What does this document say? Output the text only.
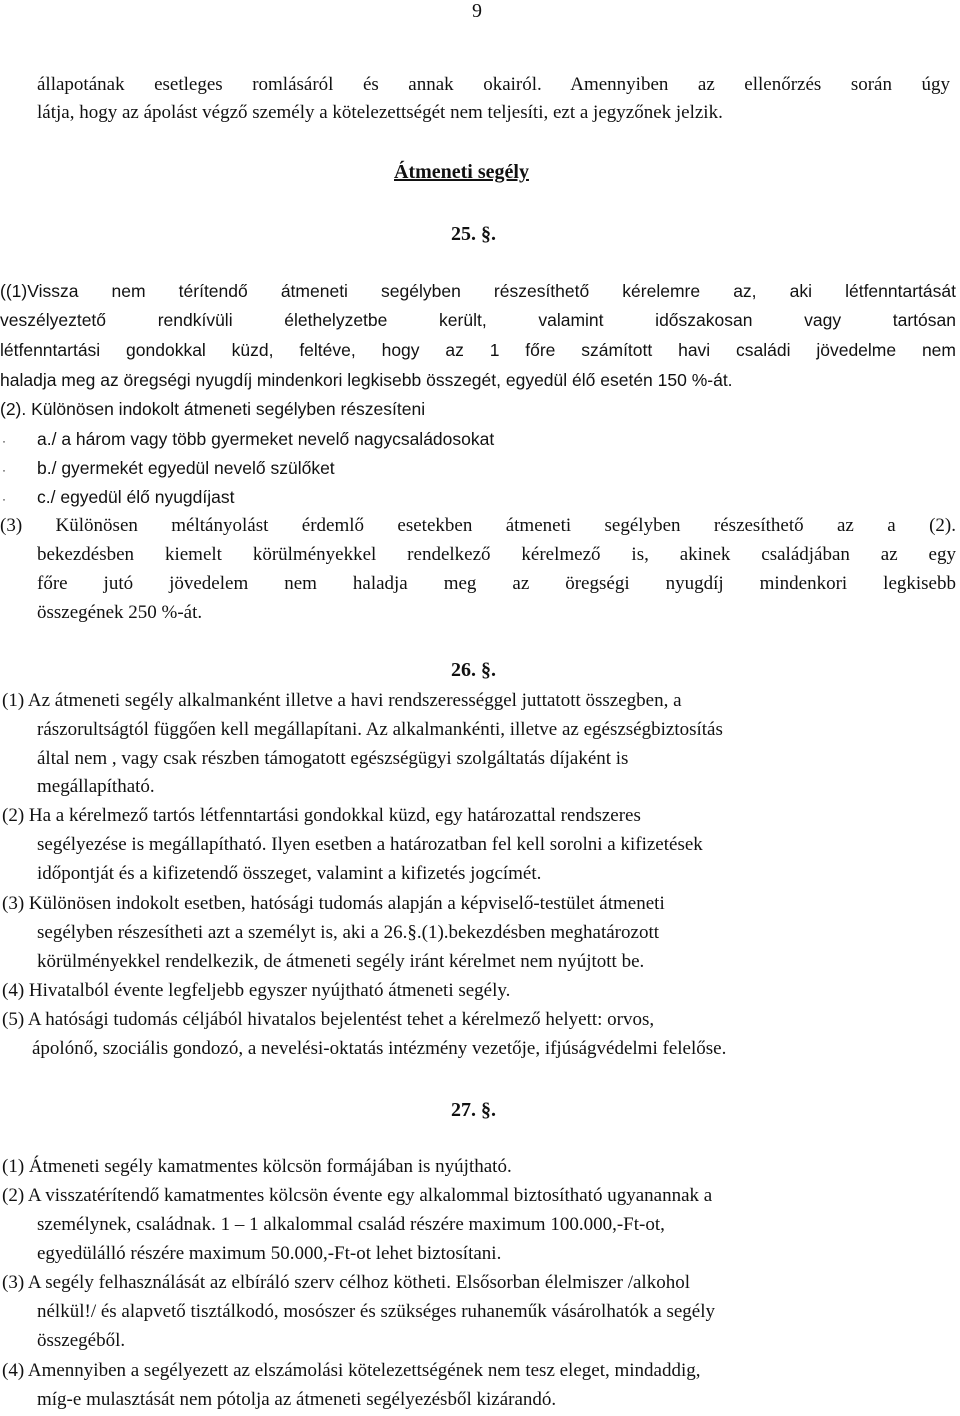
9
állapotának esetleges romlásáról és annak okairól. Amennyiben az ellenőrzés során úgy
látja, hogy az ápolást végző személy a kötelezettségét nem teljesíti, ezt a jegyzőnek jelzik.
Átmeneti segély
25. §.
((1)Vissza nem térítendő átmeneti segélyben részesíthető kérelemre az, aki létfenntartását
veszélyeztető rendkívüli élethelyzetbe került, valamint időszakosan vagy tartósan
létfenntartási gondokkal küzd, feltéve, hogy az 1 főre számított havi családi jövedelme nem
haladja meg az öregségi nyugdíj mindenkori legkisebb összegét, egyedül élő esetén 150 %-át.
(2). Különösen indokolt átmeneti segélyben részesíteni
· a./ a három vagy több gyermeket nevelő nagycsaládosokat
· b./ gyermekét egyedül nevelő szülőket
· c./ egyedül élő nyugdíjast
(3) Különösen méltányolást érdemlő esetekben átmeneti segélyben részesíthető az a (2).
bekezdésben kiemelt körülményekkel rendelkező kérelmező is, akinek családjában az egy
főre jutó jövedelem nem haladja meg az öregségi nyugdíj mindenkori legkisebb
összegének 250 %-át.
26. §.
(1) Az átmeneti segély alkalmanként illetve a havi rendszerességgel juttatott összegben, a
rászorultságtól függően kell megállapítani. Az alkalmankénti, illetve az egészségbiztosítás
által nem , vagy csak részben támogatott egészségügyi szolgáltatás díjaként is
megállapítható.
(2) Ha a kérelmező tartós létfenntartási gondokkal küzd, egy határozattal rendszeres
segélyezése is megállapítható. Ilyen esetben a határozatban fel kell sorolni a kifizetések
időpontját és a kifizetendő összeget, valamint a kifizetés jogcímét.
(3) Különösen indokolt esetben, hatósági tudomás alapján a képviselő-testület átmeneti
segélyben részesítheti azt a személyt is, aki a 26.§.(1).bekezdésben meghatározott
körülményekkel rendelkezik, de átmeneti segély iránt kérelmet nem nyújtott be.
(4) Hivatalból évente legfeljebb egyszer nyújtható átmeneti segély.
(5) A hatósági tudomás céljából hivatalos bejelentést tehet a kérelmező helyett: orvos,
ápolónő, szociális gondozó, a nevelési-oktatás intézmény vezetője, ifjúságvédelmi felelőse.
27. §.
(1) Átmeneti segély kamatmentes kölcsön formájában is nyújtható.
(2) A visszatérítendő kamatmentes kölcsön évente egy alkalommal biztosítható ugyanannak a
személynek, családnak. 1 – 1 alkalommal család részére maximum 100.000,-Ft-ot,
egyedülálló részére maximum 50.000,-Ft-ot lehet biztosítani.
(3) A segély felhasználását az elbíráló szerv célhoz kötheti. Elsősorban élelmiszer /alkohol
nélkül!/ és alapvető tisztálkodó, mosószer és szükséges ruhaneműk vásárolhatók a segély
összegéből.
(4) Amennyiben a segélyezett az elszámolási kötelezettségének nem tesz eleget, mindaddig,
míg-e mulasztását nem pótolja az átmeneti segélyezésből kizárandó.
